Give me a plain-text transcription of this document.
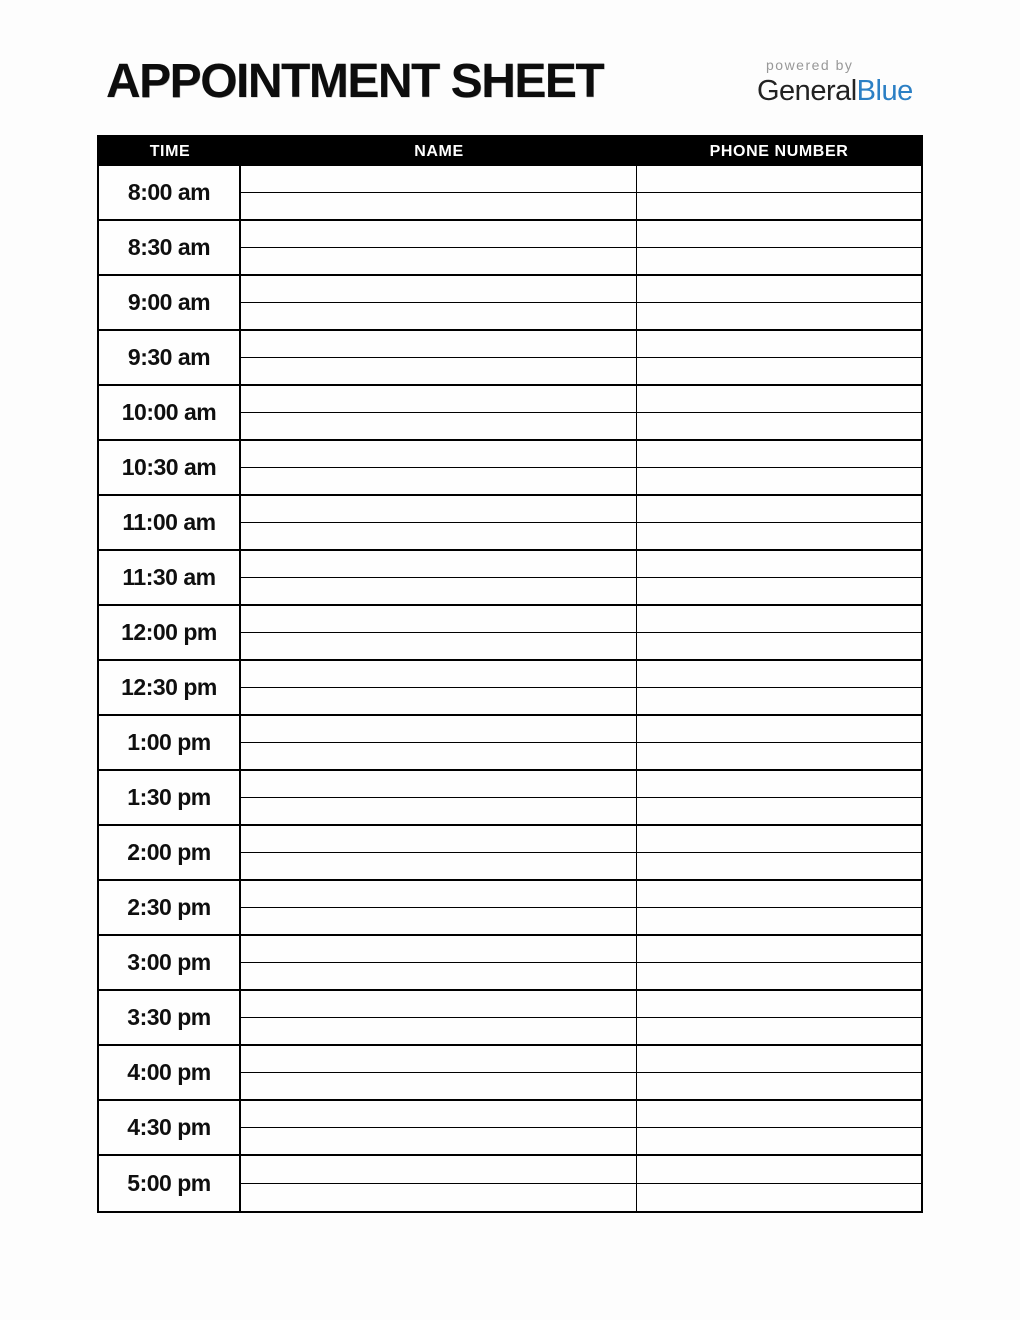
APPOINTMENT SHEET	powered by
GeneralBlue
TIME	NAME	PHONE NUMBER
8:00 am
8:30 am
9:00 am
9:30 am
10:00 am
10:30 am
11:00 am
11:30 am
12:00 pm
12:30 pm
1:00 pm
1:30 pm
2:00 pm
2:30 pm
3:00 pm
3:30 pm
4:00 pm
4:30 pm
5:00 pm
